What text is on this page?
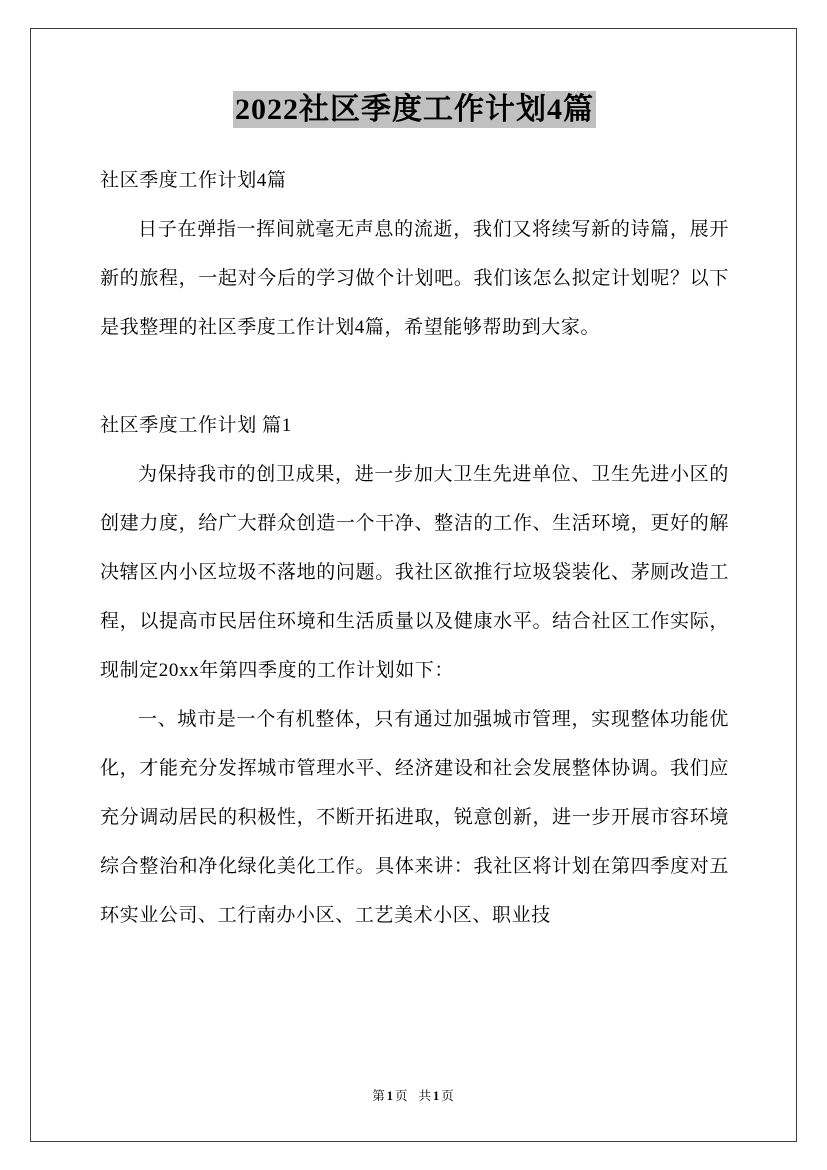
2022社区季度工作计划4篇

社区季度工作计划4篇

日子在弹指一挥间就毫无声息的流逝，我们又将续写新的诗篇，展开新的旅程，一起对今后的学习做个计划吧。我们该怎么拟定计划呢？以下是我整理的社区季度工作计划4篇，希望能够帮助到大家。

社区季度工作计划 篇1

为保持我市的创卫成果，进一步加大卫生先进单位、卫生先进小区的创建力度，给广大群众创造一个干净、整洁的工作、生活环境，更好的解决辖区内小区垃圾不落地的问题。我社区欲推行垃圾袋装化、茅厕改造工程，以提高市民居住环境和生活质量以及健康水平。结合社区工作实际，现制定20xx年第四季度的工作计划如下：

一、城市是一个有机整体，只有通过加强城市管理，实现整体功能优化，才能充分发挥城市管理水平、经济建设和社会发展整体协调。我们应充分调动居民的积极性，不断开拓进取，锐意创新，进一步开展市容环境综合整治和净化绿化美化工作。具体来讲：我社区将计划在第四季度对五环实业公司、工行南办小区、工艺美术小区、职业技

第1页 共1页
